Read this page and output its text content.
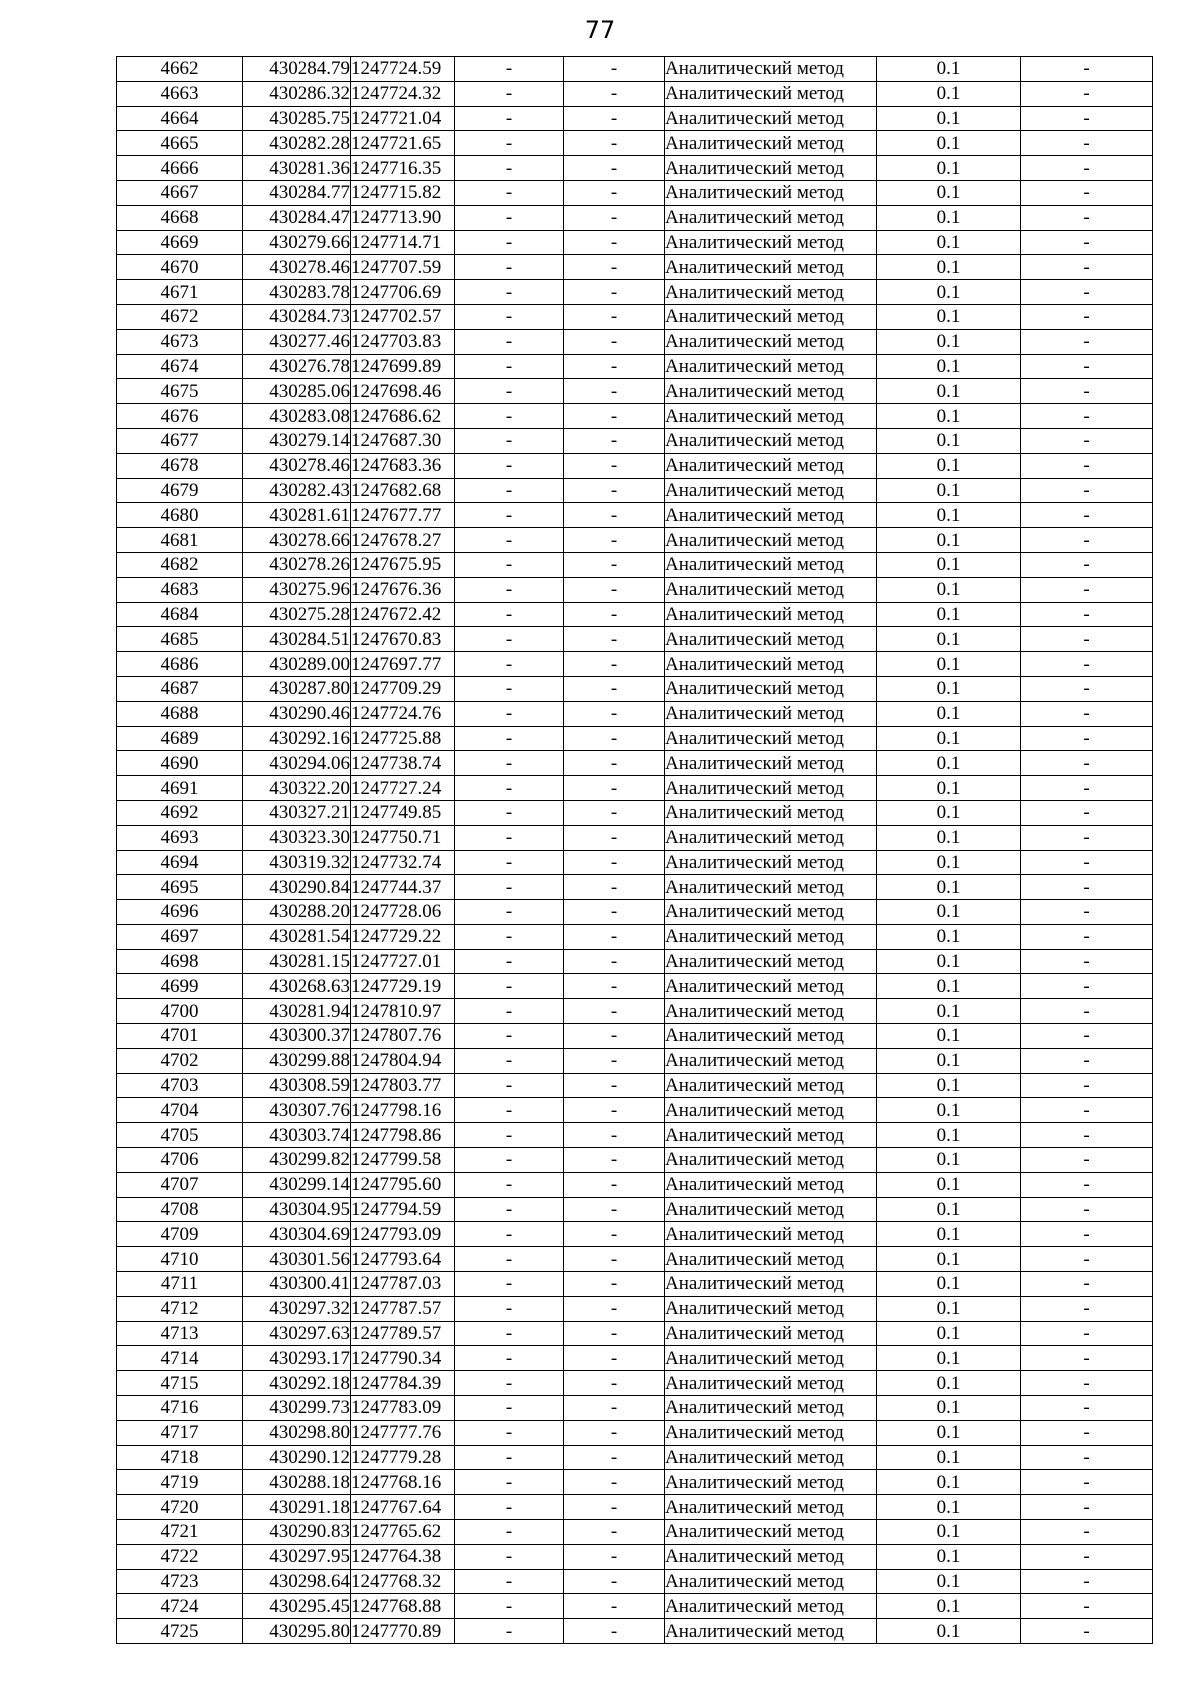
77
4662	430284.79	1247724.59	-	-	Аналитический метод	0.1	-
4663	430286.32	1247724.32	-	-	Аналитический метод	0.1	-
4664	430285.75	1247721.04	-	-	Аналитический метод	0.1	-
4665	430282.28	1247721.65	-	-	Аналитический метод	0.1	-
4666	430281.36	1247716.35	-	-	Аналитический метод	0.1	-
4667	430284.77	1247715.82	-	-	Аналитический метод	0.1	-
4668	430284.47	1247713.90	-	-	Аналитический метод	0.1	-
4669	430279.66	1247714.71	-	-	Аналитический метод	0.1	-
4670	430278.46	1247707.59	-	-	Аналитический метод	0.1	-
4671	430283.78	1247706.69	-	-	Аналитический метод	0.1	-
4672	430284.73	1247702.57	-	-	Аналитический метод	0.1	-
4673	430277.46	1247703.83	-	-	Аналитический метод	0.1	-
4674	430276.78	1247699.89	-	-	Аналитический метод	0.1	-
4675	430285.06	1247698.46	-	-	Аналитический метод	0.1	-
4676	430283.08	1247686.62	-	-	Аналитический метод	0.1	-
4677	430279.14	1247687.30	-	-	Аналитический метод	0.1	-
4678	430278.46	1247683.36	-	-	Аналитический метод	0.1	-
4679	430282.43	1247682.68	-	-	Аналитический метод	0.1	-
4680	430281.61	1247677.77	-	-	Аналитический метод	0.1	-
4681	430278.66	1247678.27	-	-	Аналитический метод	0.1	-
4682	430278.26	1247675.95	-	-	Аналитический метод	0.1	-
4683	430275.96	1247676.36	-	-	Аналитический метод	0.1	-
4684	430275.28	1247672.42	-	-	Аналитический метод	0.1	-
4685	430284.51	1247670.83	-	-	Аналитический метод	0.1	-
4686	430289.00	1247697.77	-	-	Аналитический метод	0.1	-
4687	430287.80	1247709.29	-	-	Аналитический метод	0.1	-
4688	430290.46	1247724.76	-	-	Аналитический метод	0.1	-
4689	430292.16	1247725.88	-	-	Аналитический метод	0.1	-
4690	430294.06	1247738.74	-	-	Аналитический метод	0.1	-
4691	430322.20	1247727.24	-	-	Аналитический метод	0.1	-
4692	430327.21	1247749.85	-	-	Аналитический метод	0.1	-
4693	430323.30	1247750.71	-	-	Аналитический метод	0.1	-
4694	430319.32	1247732.74	-	-	Аналитический метод	0.1	-
4695	430290.84	1247744.37	-	-	Аналитический метод	0.1	-
4696	430288.20	1247728.06	-	-	Аналитический метод	0.1	-
4697	430281.54	1247729.22	-	-	Аналитический метод	0.1	-
4698	430281.15	1247727.01	-	-	Аналитический метод	0.1	-
4699	430268.63	1247729.19	-	-	Аналитический метод	0.1	-
4700	430281.94	1247810.97	-	-	Аналитический метод	0.1	-
4701	430300.37	1247807.76	-	-	Аналитический метод	0.1	-
4702	430299.88	1247804.94	-	-	Аналитический метод	0.1	-
4703	430308.59	1247803.77	-	-	Аналитический метод	0.1	-
4704	430307.76	1247798.16	-	-	Аналитический метод	0.1	-
4705	430303.74	1247798.86	-	-	Аналитический метод	0.1	-
4706	430299.82	1247799.58	-	-	Аналитический метод	0.1	-
4707	430299.14	1247795.60	-	-	Аналитический метод	0.1	-
4708	430304.95	1247794.59	-	-	Аналитический метод	0.1	-
4709	430304.69	1247793.09	-	-	Аналитический метод	0.1	-
4710	430301.56	1247793.64	-	-	Аналитический метод	0.1	-
4711	430300.41	1247787.03	-	-	Аналитический метод	0.1	-
4712	430297.32	1247787.57	-	-	Аналитический метод	0.1	-
4713	430297.63	1247789.57	-	-	Аналитический метод	0.1	-
4714	430293.17	1247790.34	-	-	Аналитический метод	0.1	-
4715	430292.18	1247784.39	-	-	Аналитический метод	0.1	-
4716	430299.73	1247783.09	-	-	Аналитический метод	0.1	-
4717	430298.80	1247777.76	-	-	Аналитический метод	0.1	-
4718	430290.12	1247779.28	-	-	Аналитический метод	0.1	-
4719	430288.18	1247768.16	-	-	Аналитический метод	0.1	-
4720	430291.18	1247767.64	-	-	Аналитический метод	0.1	-
4721	430290.83	1247765.62	-	-	Аналитический метод	0.1	-
4722	430297.95	1247764.38	-	-	Аналитический метод	0.1	-
4723	430298.64	1247768.32	-	-	Аналитический метод	0.1	-
4724	430295.45	1247768.88	-	-	Аналитический метод	0.1	-
4725	430295.80	1247770.89	-	-	Аналитический метод	0.1	-
